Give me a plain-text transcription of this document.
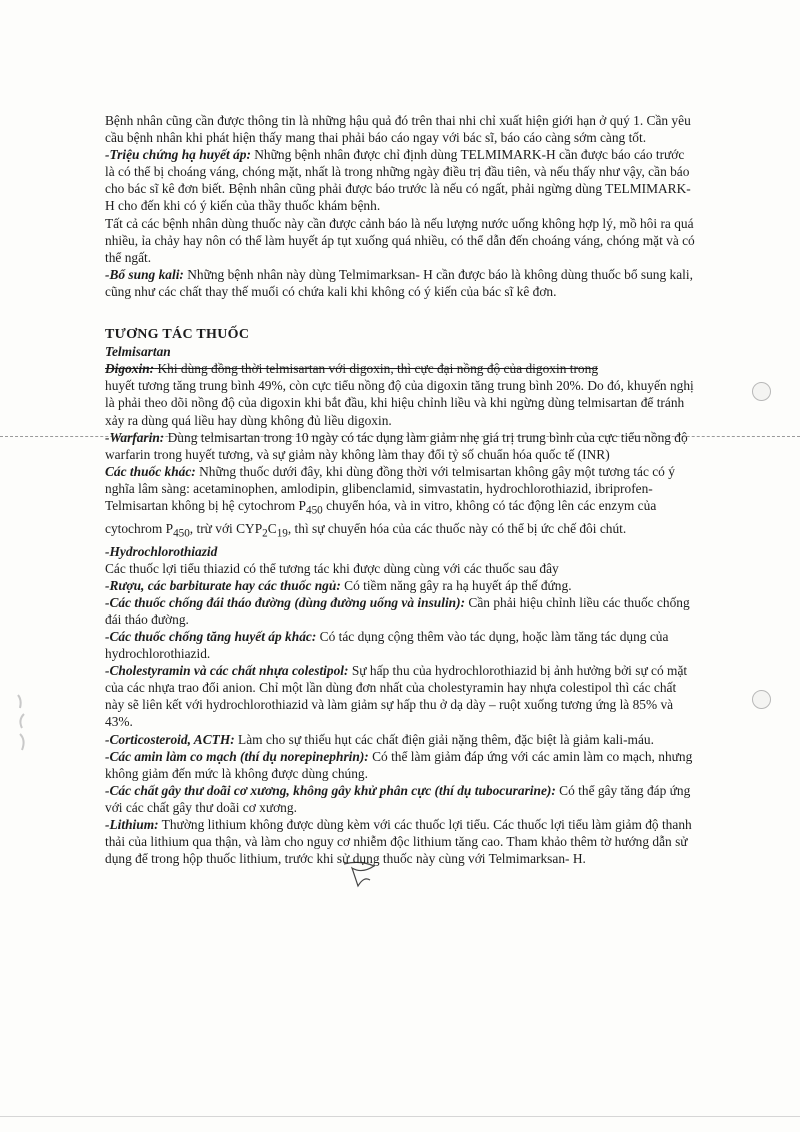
Bệnh nhân cũng cần được thông tin là những hậu quả đó trên thai nhi chỉ xuất hiện giới hạn ở quý 1. Cần yêu cầu bệnh nhân khi phát hiện thấy mang thai phải báo cáo ngay với bác sĩ, báo cáo càng sớm càng tốt.

-Triệu chứng hạ huyết áp: Những bệnh nhân được chỉ định dùng TELMIMARK-H cần được báo cáo trước là có thể bị choáng váng, chóng mặt, nhất là trong những ngày điều trị đầu tiên, và nếu thấy như vậy, cần báo cho bác sĩ kê đơn biết. Bệnh nhân cũng phải được báo trước là nếu có ngất, phải ngừng dùng TELMIMARK-H cho đến khi có ý kiến của thầy thuốc khám bệnh.

Tất cả các bệnh nhân dùng thuốc này cần được cảnh báo là nếu lượng nước uống không hợp lý, mồ hôi ra quá nhiều, ỉa chảy hay nôn có thể làm huyết áp tụt xuống quá nhiều, có thể dẫn đến choáng váng, chóng mặt và có thể ngất.

-Bổ sung kali: Những bệnh nhân này dùng Telmimarksan- H cần được báo là không dùng thuốc bổ sung kali, cũng như các chất thay thế muối có chứa kali khi không có ý kiến của bác sĩ kê đơn.

TƯƠNG TÁC THUỐC

Telmisartan

Digoxin: Khi dùng đồng thời telmisartan với digoxin, thì cực đại nồng độ của digoxin trong
huyết tương tăng trung bình 49%, còn cực tiểu nồng độ của digoxin tăng trung bình 20%. Do đó, khuyến nghị là phải theo dõi nồng độ của digoxin khi bắt đầu, khi hiệu chỉnh liều và khi ngừng dùng telmisartan để tránh xảy ra dùng quá liều hay dùng không đủ liều digoxin.

-Warfarin: Dùng telmisartan trong 10 ngày có tác dụng làm giảm nhẹ giá trị trung bình của cực tiểu nồng độ warfarin trong huyết tương, và sự giảm này không làm thay đổi tỷ số chuẩn hóa quốc tế (INR)

Các thuốc khác: Những thuốc dưới đây, khi dùng đồng thời với telmisartan không gây một tương tác có ý nghĩa lâm sàng: acetaminophen, amlodipin, glibenclamid, simvastatin, hydrochlorothiazid, ibriprofen- Telmisartan không bị hệ cytochrom $P_{450}$ chuyển hóa, và in vitro, không có tác động lên các enzym của cytochrom $P_{450}$, trừ với $CYP_2C_{19}$, thì sự chuyển hóa của các thuốc này có thể bị ức chế đôi chút.

-Hydrochlorothiazid

Các thuốc lợi tiểu thiazid có thể tương tác khi được dùng cùng với các thuốc sau đây

-Rượu, các barbiturate hay các thuốc ngủ: Có tiềm năng gây ra hạ huyết áp thế đứng.

-Các thuốc chống đái tháo đường (dùng đường uống và insulin): Cần phải hiệu chỉnh liều các thuốc chống đái tháo đường.

-Các thuốc chống tăng huyết áp khác: Có tác dụng cộng thêm vào tác dụng, hoặc làm tăng tác dụng của hydrochlorothiazid.

-Cholestyramin và các chất nhựa colestipol: Sự hấp thu của hydrochlorothiazid bị ảnh hưởng bởi sự có mặt của các nhựa trao đổi anion. Chỉ một lần dùng đơn nhất của cholestyramin hay nhựa colestipol thì các chất này sẽ liên kết với hydrochlorothiazid và làm giảm sự hấp thu ở dạ dày – ruột xuống tương ứng là 85% và 43%.

-Corticosteroid, ACTH: Làm cho sự thiếu hụt các chất điện giải nặng thêm, đặc biệt là giảm kali-máu.

-Các amin làm co mạch (thí dụ norepinephrin): Có thể làm giảm đáp ứng với các amin làm co mạch, nhưng không giảm đến mức là không được dùng chúng.

-Các chất gây thư doãi cơ xương, không gây khử phân cực (thí dụ tubocurarine): Có thể gây tăng đáp ứng với các chất gây thư doãi cơ xương.

-Lithium: Thường lithium không được dùng kèm với các thuốc lợi tiểu. Các thuốc lợi tiểu làm giảm độ thanh thải của lithium qua thận, và làm cho nguy cơ nhiễm độc lithium tăng cao. Tham khảo thêm tờ hướng dẫn sử dụng để trong hộp thuốc lithium, trước khi sử dụng thuốc này cùng với Telmimarksan- H.
